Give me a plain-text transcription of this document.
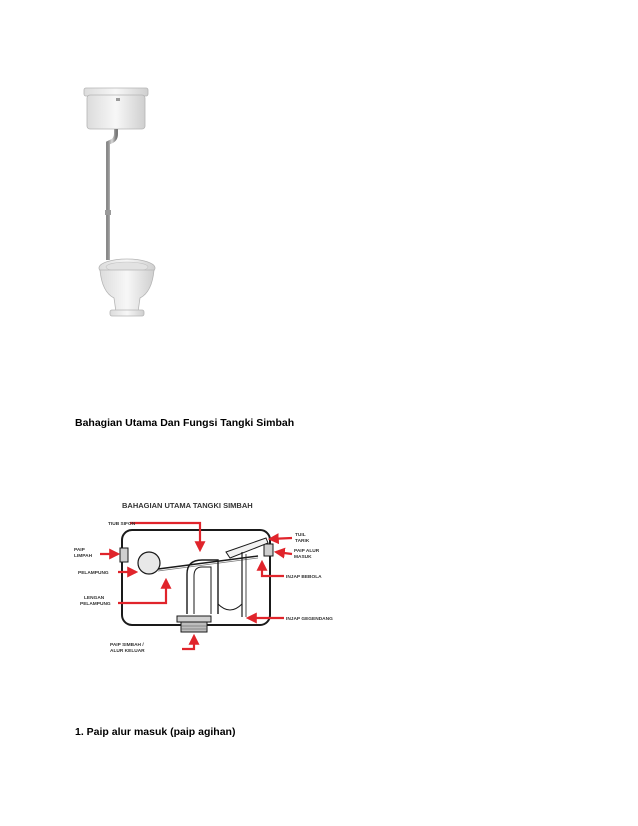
Bahagian Utama Dan Fungsi Tangki Simbah
BAHAGIAN UTAMA TANGKI SIMBAH
TIUB SIFON
PAIP
LIMPAH
PELAMPUNG
LENGAN
PELAMPUNG
PAIP SIMBAH /
ALUR KELUAR
TUIL
TARIK
PAIP ALUR
MASUK
INJAP BEBOLA
INJAP GEGENDANG
1. Paip alur masuk (paip agihan)
